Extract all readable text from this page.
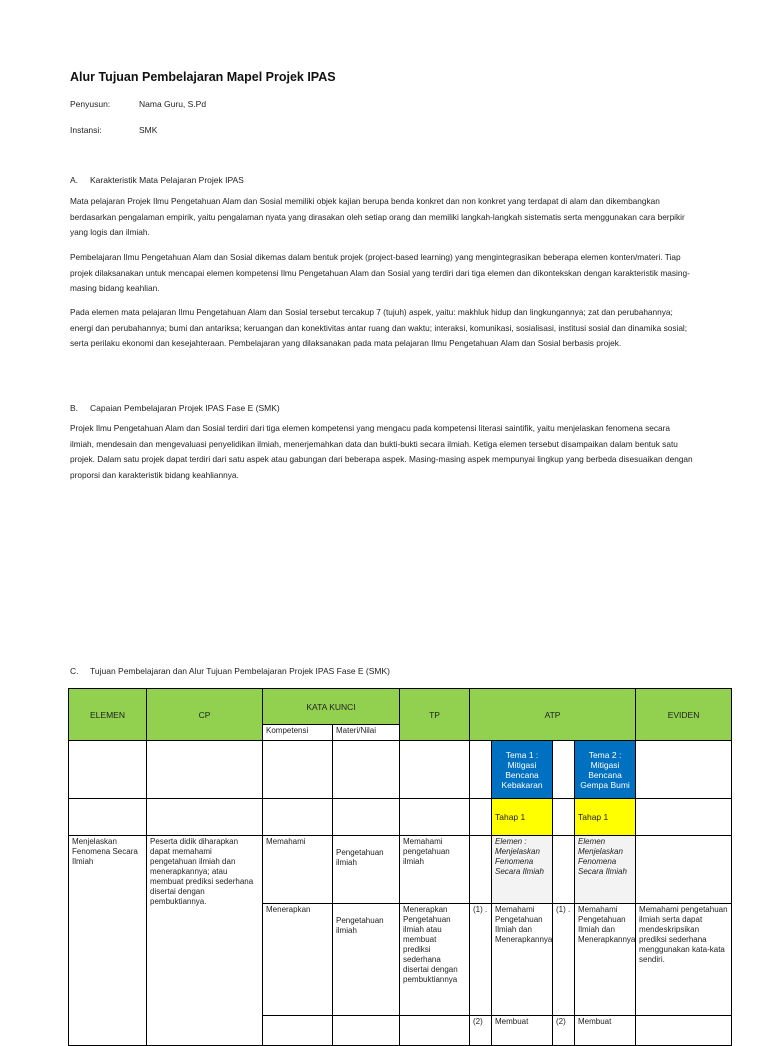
Alur Tujuan Pembelajaran Mapel Projek IPAS
Penyusun:	Nama Guru, S.Pd
Instansi:	SMK
A. Karakteristik Mata Pelajaran Projek IPAS

Mata pelajaran Projek Ilmu Pengetahuan Alam dan Sosial memiliki objek kajian berupa benda konkret dan non konkret yang terdapat di alam dan dikembangkan berdasarkan pengalaman empirik, yaitu pengalaman nyata yang dirasakan oleh setiap orang dan memiliki langkah-langkah sistematis serta menggunakan cara berpikir yang logis dan ilmiah.

Pembelajaran Ilmu Pengetahuan Alam dan Sosial dikemas dalam bentuk projek (project-based learning) yang mengintegrasikan beberapa elemen konten/materi. Tiap projek dilaksanakan untuk mencapai elemen kompetensi Ilmu Pengetahuan Alam dan Sosial yang terdiri dari tiga elemen dan dikontekskan dengan karakteristik masing- masing bidang keahlian.

Pada elemen mata pelajaran Ilmu Pengetahuan Alam dan Sosial tersebut tercakup 7 (tujuh) aspek, yaitu: makhluk hidup dan lingkungannya; zat dan perubahannya; energi dan perubahannya; bumi dan antariksa; keruangan dan konektivitas antar ruang dan waktu; interaksi, komunikasi, sosialisasi, institusi sosial dan dinamika sosial; serta perilaku ekonomi dan kesejahteraan. Pembelajaran yang dilaksanakan pada mata pelajaran Ilmu Pengetahuan Alam dan Sosial berbasis projek.

B. Capaian Pembelajaran Projek IPAS Fase E (SMK)

Projek Ilmu Pengetahuan Alam dan Sosial terdiri dari tiga elemen kompetensi yang mengacu pada kompetensi literasi saintifik, yaitu menjelaskan fenomena secara ilmiah, mendesain dan mengevaluasi penyelidikan ilmiah, menerjemahkan data dan bukti-bukti secara ilmiah. Ketiga elemen tersebut disampaikan dalam bentuk satu projek. Dalam satu projek dapat terdiri dari satu aspek atau gabungan dari beberapa aspek. Masing-masing aspek mempunyai lingkup yang berbeda disesuaikan dengan proporsi dan karakteristik bidang keahliannya.

C. Tujuan Pembelajaran dan Alur Tujuan Pembelajaran Projek IPAS Fase E (SMK)
ELEMEN	CP	KATA KUNCI		TP	ATP				EVIDEN
		Kompetensi	Materi/Nilai						
						Tema 1 : Mitigasi Bencana Kebakaran		Tema 2 : Mitigasi Bencana Gempa Bumi	
						Tahap 1		Tahap 1	
Menjelaskan Fenomena Secara Ilmiah	Peserta didik diharapkan dapat memahami pengetahuan ilmiah dan menerapkannya; atau membuat prediksi sederhana disertai dengan pembuktiannya.	Memahami	Pengetahuan ilmiah	Memahami pengetahuan ilmiah		Elemen : Menjelaskan Fenomena Secara Ilmiah		Elemen Menjelaskan Fenomena Secara Ilmiah	
		Menerapkan	Pengetahuan ilmiah	Menerapkan Pengetahuan ilmiah atau membuat prediksi sederhana disertai dengan pembuktiannya	(1) .	Memahami Pengetahuan Ilmiah dan Menerapkannya	(1) .	Memahami Pengetahuan Ilmiah dan Menerapkannya	Memahami pengetahuan ilmiah serta dapat mendeskripsikan prediksi sederhana menggunakan kata-kata sendiri.
					(2)	Membuat	(2)	Membuat	
